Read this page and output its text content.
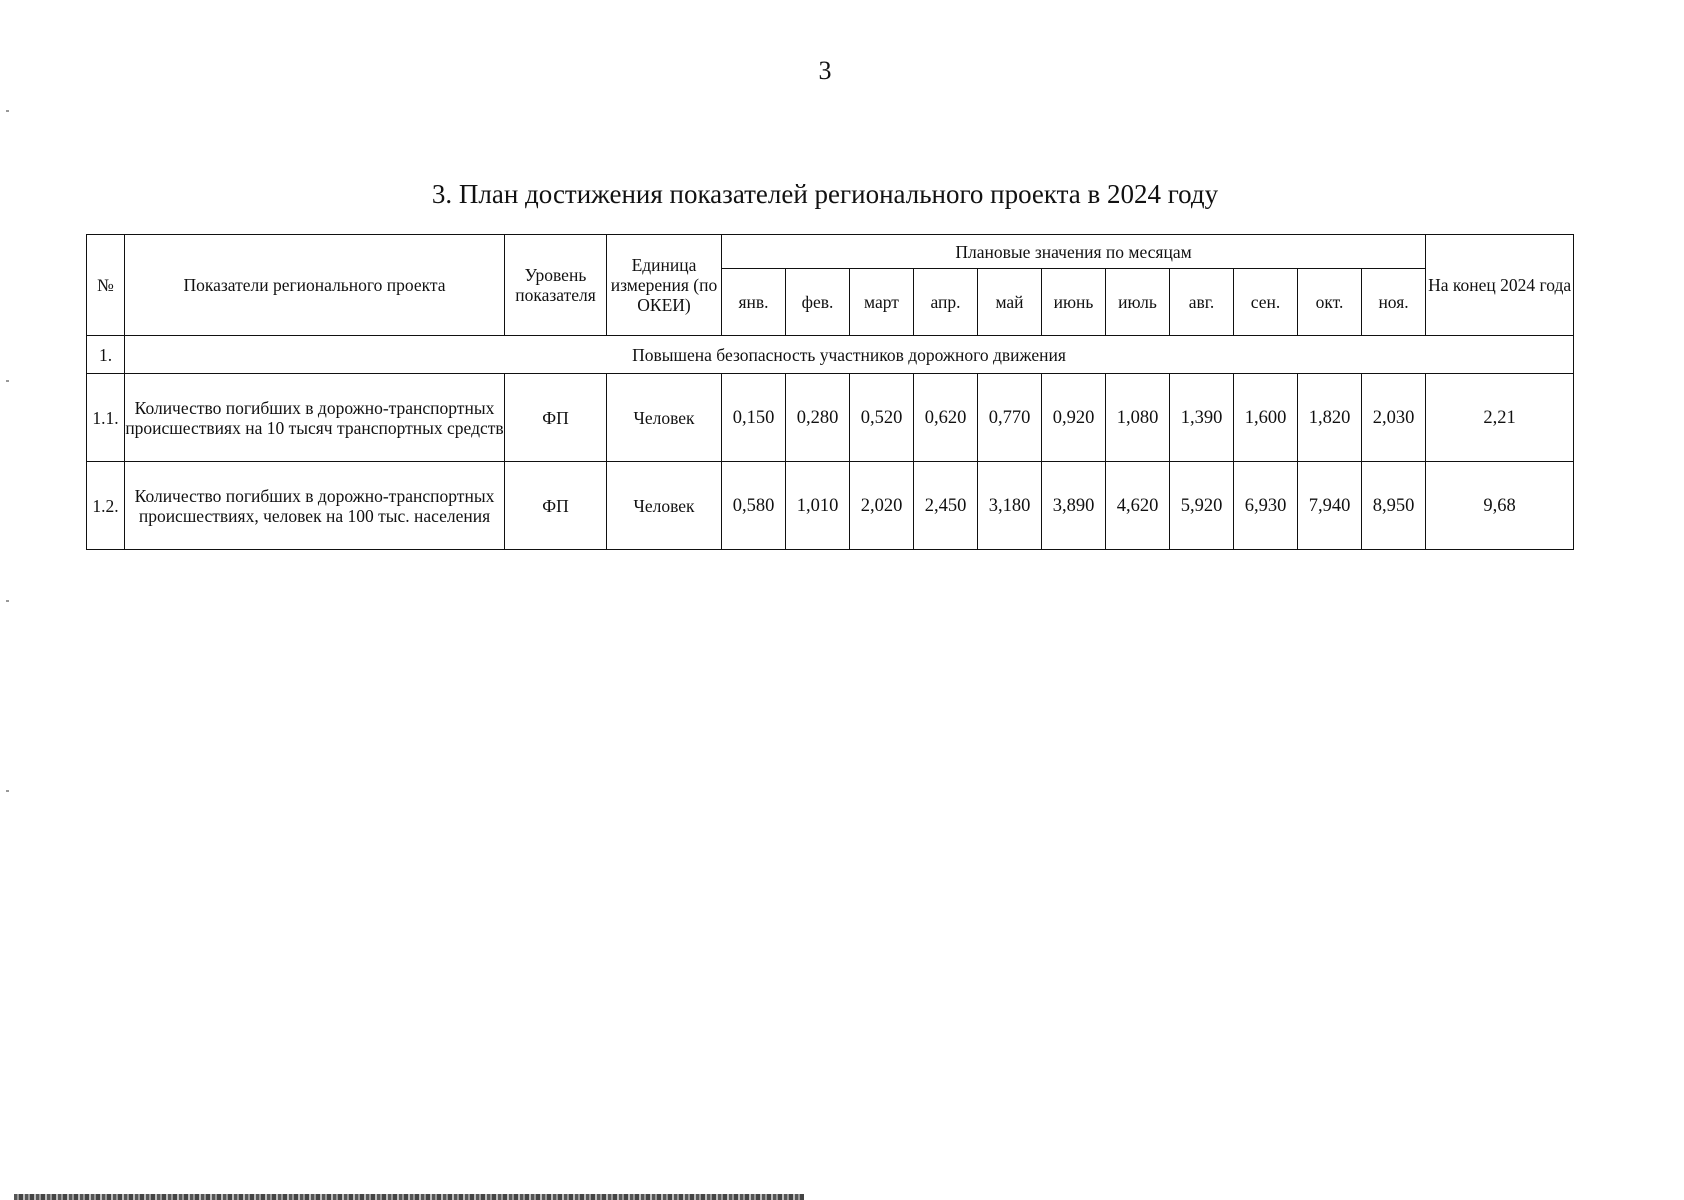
3
3. План достижения показателей регионального проекта в 2024 году
№	Показатели регионального проекта	Уровень показателя	Единица измерения (по ОКЕИ)	Плановые значения по месяцам											На конец 2024 года
				янв.	фев.	март	апр.	май	июнь	июль	авг.	сен.	окт.	ноя.	
1.	Повышена безопасность участников дорожного движения														
1.1.	Количество погибших в дорожно-транспортных происшествиях на 10 тысяч транспортных средств	ФП	Человек	0,150	0,280	0,520	0,620	0,770	0,920	1,080	1,390	1,600	1,820	2,030	2,21
1.2.	Количество погибших в дорожно-транспортных происшествиях, человек на 100 тыс. населения	ФП	Человек	0,580	1,010	2,020	2,450	3,180	3,890	4,620	5,920	6,930	7,940	8,950	9,68
